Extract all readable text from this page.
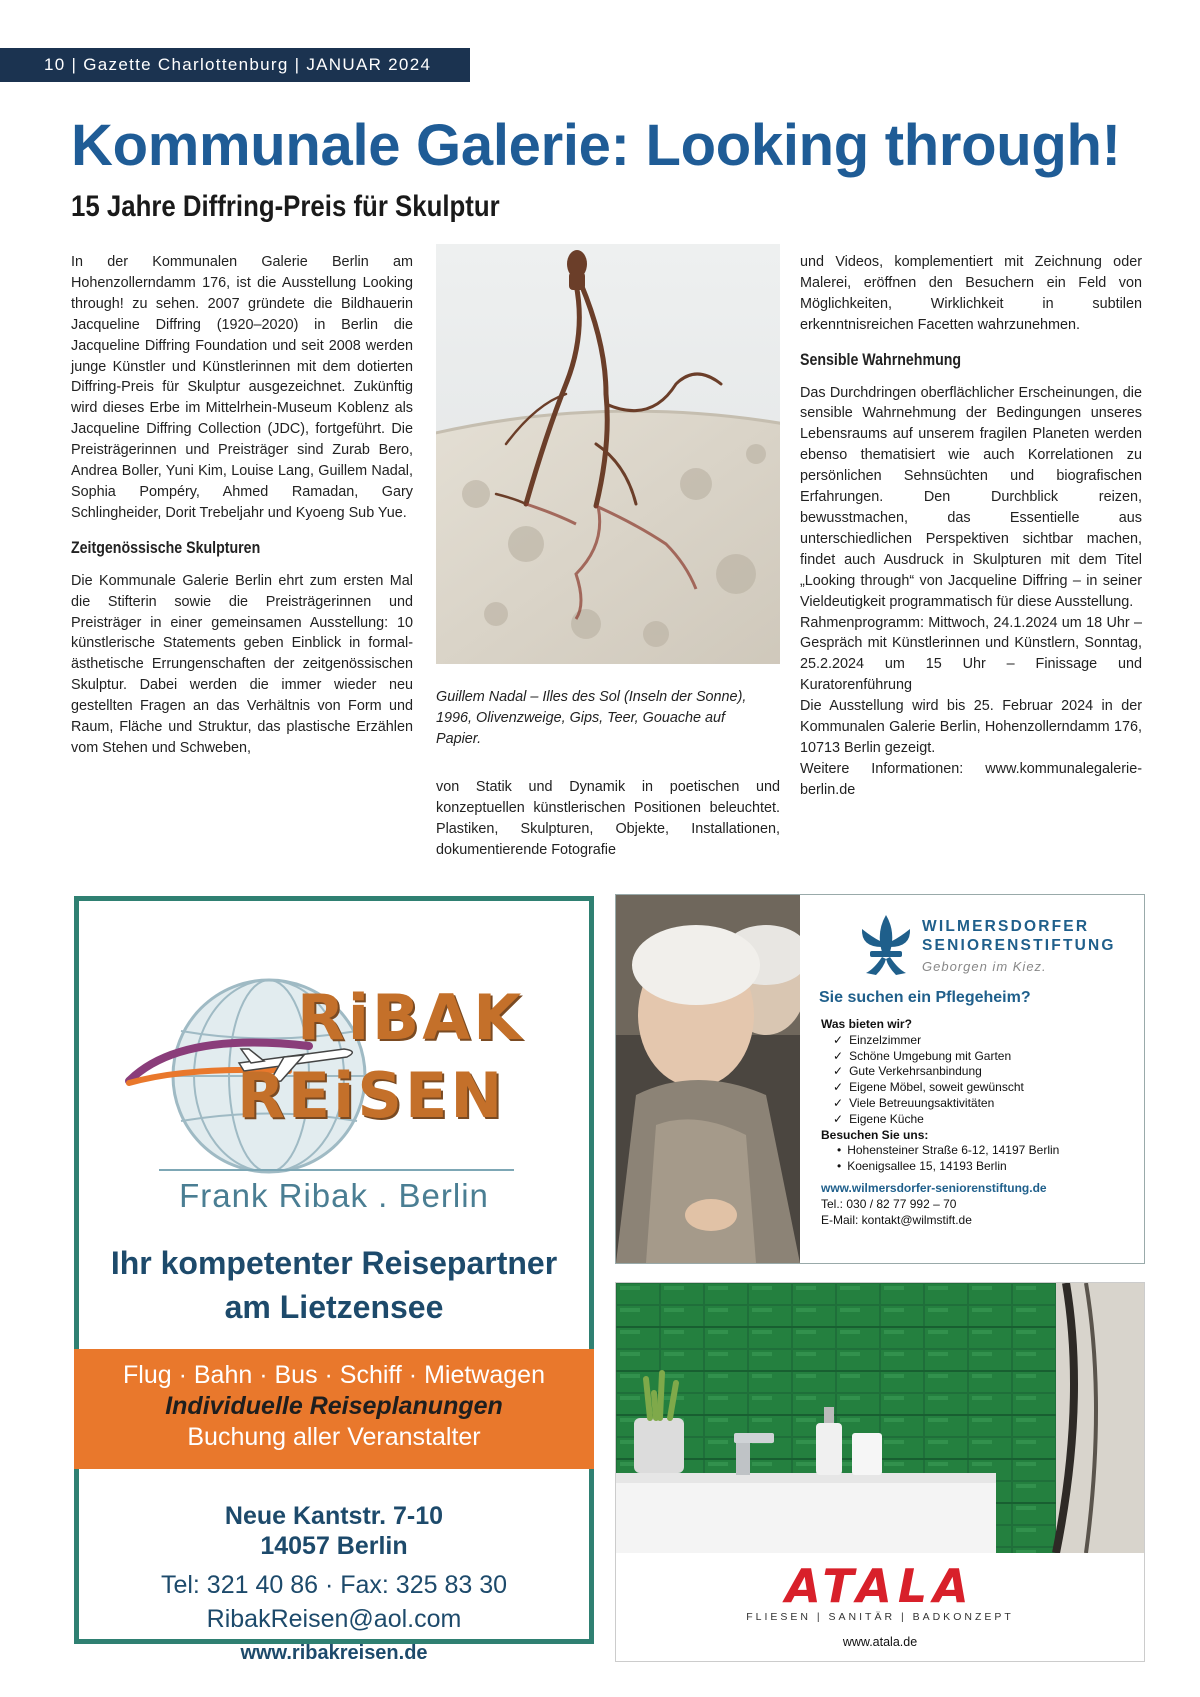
10 | Gazette Charlottenburg | JANUAR 2024
Kommunale Galerie: Looking through!
15 Jahre Diffring-Preis für Skulptur

In der Kommunalen Galerie Berlin am Hohenzollerndamm 176, ist die Ausstellung Looking through! zu sehen. 2007 gründete die Bildhauerin Jacqueline Diffring (1920–2020) in Berlin die Jacqueline Diffring Foundation und seit 2008 werden junge Künstler und Künstlerinnen mit dem dotierten Diffring-Preis für Skulptur ausgezeichnet. Zukünftig wird dieses Erbe im Mittelrhein-Museum Koblenz als Jacqueline Diffring Collection (JDC), fortgeführt. Die Preisträgerinnen und Preisträger sind Zurab Bero, Andrea Boller, Yuni Kim, Louise Lang, Guillem Nadal, Sophia Pompéry, Ahmed Ramadan, Gary Schlingheider, Dorit Trebeljahr und Kyoeng Sub Yue.

Zeitgenössische Skulpturen

Die Kommunale Galerie Berlin ehrt zum ersten Mal die Stifterin sowie die Preisträgerinnen und Preisträger in einer gemeinsamen Ausstellung: 10 künstlerische Statements geben Einblick in formal-ästhetische Errungenschaften der zeitgenössischen Skulptur. Dabei werden die immer wieder neu gestellten Fragen an das Verhältnis von Form und Raum, Fläche und Struktur, das plastische Erzählen vom Stehen und Schweben,

Guillem Nadal – Illes des Sol (Inseln der Sonne), 1996, Olivenzweige, Gips, Teer, Gouache auf Papier.

von Statik und Dynamik in poetischen und konzeptuellen künstlerischen Positionen beleuchtet. Plastiken, Skulpturen, Objekte, Installationen, dokumentierende Fotografie

und Videos, komplementiert mit Zeichnung oder Malerei, eröffnen den Besuchern ein Feld von Möglichkeiten, Wirklichkeit in subtilen erkenntnisreichen Facetten wahrzunehmen.

Sensible Wahrnehmung

Das Durchdringen oberflächlicher Erscheinungen, die sensible Wahrnehmung der Bedingungen unseres Lebensraums auf unserem fragilen Planeten werden ebenso thematisiert wie auch Korrelationen zu persönlichen Sehnsüchten und biografischen Erfahrungen. Den Durchblick reizen, bewusstmachen, das Essentielle aus unterschiedlichen Perspektiven sichtbar machen, findet auch Ausdruck in Skulpturen mit dem Titel „Looking through“ von Jacqueline Diffring – in seiner Vieldeutigkeit programmatisch für diese Ausstellung.

Rahmenprogramm: Mittwoch, 24.1.2024 um 18 Uhr – Gespräch mit Künstlerinnen und Künstlern, Sonntag, 25.2.2024 um 15 Uhr – Finissage und Kuratorenführung

Die Ausstellung wird bis 25. Februar 2024 in der Kommunalen Galerie Berlin, Hohenzollerndamm 176, 10713 Berlin gezeigt.

Weitere Informationen: www.kommunalegalerie-berlin.de

RiBAK
REiSEN
Frank Ribak . Berlin
Ihr kompetenter Reisepartner
am Lietzensee
Flug · Bahn · Bus · Schiff · Mietwagen
Individuelle Reiseplanungen
Buchung aller Veranstalter
Neue Kantstr. 7-10
14057 Berlin
Tel: 321 40 86 · Fax: 325 83 30
RibakReisen@aol.com
www.ribakreisen.de
WILMERSDORFER
SENIORENSTIFTUNG
Geborgen im Kiez.
Sie suchen ein Pflegeheim?
Was bieten wir?
✓ Einzelzimmer
✓ Schöne Umgebung mit Garten
✓ Gute Verkehrsanbindung
✓ Eigene Möbel, soweit gewünscht
✓ Viele Betreuungsaktivitäten
✓ Eigene Küche
Besuchen Sie uns:
• Hohensteiner Straße 6-12, 14197 Berlin
• Koenigsallee 15, 14193 Berlin
www.wilmersdorfer-seniorenstiftung.de
Tel.: 030 / 82 77 992 – 70
E-Mail: kontakt@wilmstift.de
ATALA
FLIESEN | SANITÄR | BADKONZEPT
www.atala.de
